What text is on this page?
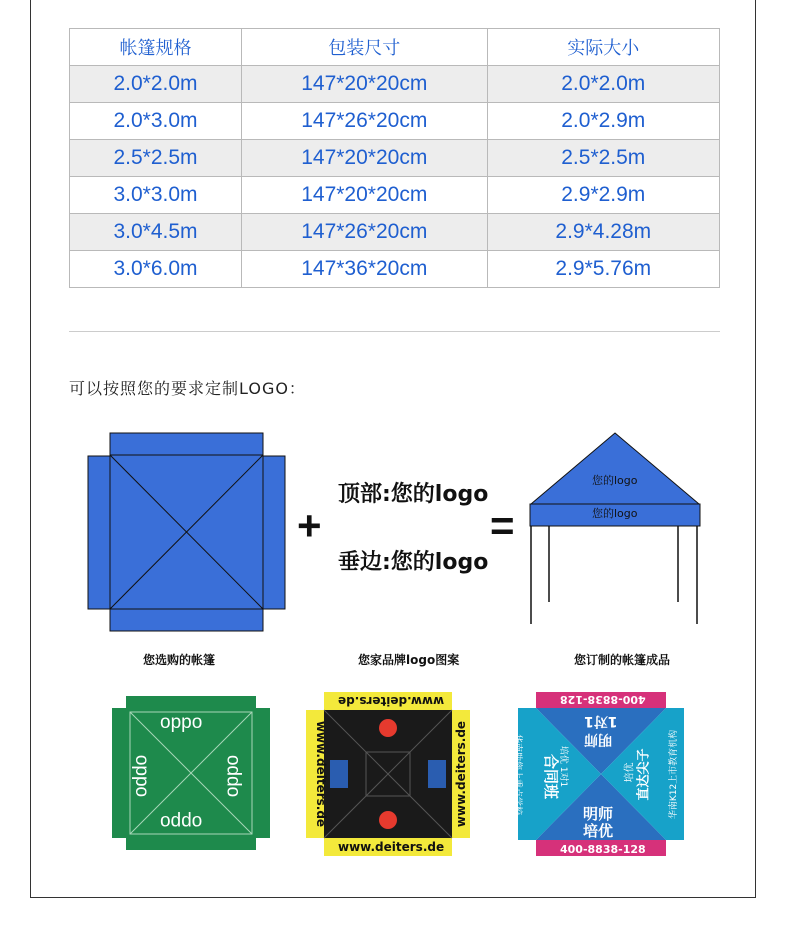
帐篷规格	包装尺寸	实际大小
2.0*2.0m	147*20*20cm	2.0*2.0m
2.0*3.0m	147*26*20cm	2.0*2.9m
2.5*2.5m	147*20*20cm	2.5*2.5m
3.0*3.0m	147*20*20cm	2.9*2.9m
3.0*4.5m	147*26*20cm	2.9*4.28m
3.0*6.0m	147*36*20cm	2.9*5.76m
可以按照您的要求定制LOGO：
+
顶部:您的logo
垂边:您的logo
=
您的logo
您的logo
您选购的帐篷	您家品牌logo图案	您订制的帐篷成品
oppo
oppo
oppo	oppo
www.deiters.de
www.deiters.de
www.deiters.de	www.deiters.de
400-8838-128
400-8838-128
1对1
明师
明师
培优
合同班
培优 1对1	直达尖子
培优
华南助您上重点学校	华南K12上市教育机构
